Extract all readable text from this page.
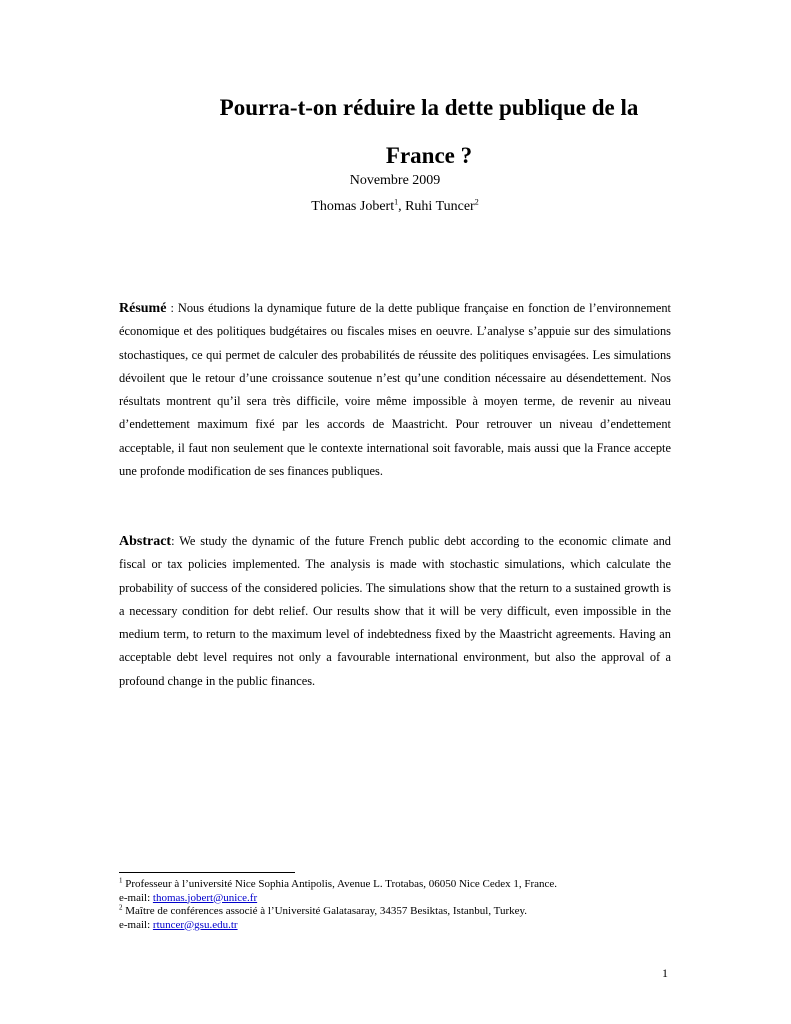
Pourra-t-on réduire la dette publique de la
France ?
Novembre 2009
Thomas Jobert$^1$, Ruhi Tuncer$^2$
Résumé : Nous étudions la dynamique future de la dette publique française en fonction de l’environnement économique et des politiques budgétaires ou fiscales mises en oeuvre. L’analyse s’appuie sur des simulations stochastiques, ce qui permet de calculer des probabilités de réussite des politiques envisagées. Les simulations dévoilent que le retour d’une croissance soutenue n’est qu’une condition nécessaire au désendettement. Nos résultats montrent qu’il sera très difficile, voire même impossible à moyen terme, de revenir au niveau d’endettement maximum fixé par les accords de Maastricht. Pour retrouver un niveau d’endettement acceptable, il faut non seulement que le contexte international soit favorable, mais aussi que la France accepte une profonde modification de ses finances publiques.
Abstract: We study the dynamic of the future French public debt according to the economic climate and fiscal or tax policies implemented. The analysis is made with stochastic simulations, which calculate the probability of success of the considered policies. The simulations show that the return to a sustained growth is a necessary condition for debt relief. Our results show that it will be very difficult, even impossible in the medium term, to return to the maximum level of indebtedness fixed by the Maastricht agreements. Having an acceptable debt level requires not only a favourable international environment, but also the approval of a profound change in the public finances.
$^1$ Professeur à l’université Nice Sophia Antipolis, Avenue L. Trotabas, 06050 Nice Cedex 1, France.
e-mail: thomas.jobert@unice.fr
$^2$ Maître de conférences associé à l’Université Galatasaray, 34357 Besiktas, Istanbul, Turkey.
e-mail: rtuncer@gsu.edu.tr
1
